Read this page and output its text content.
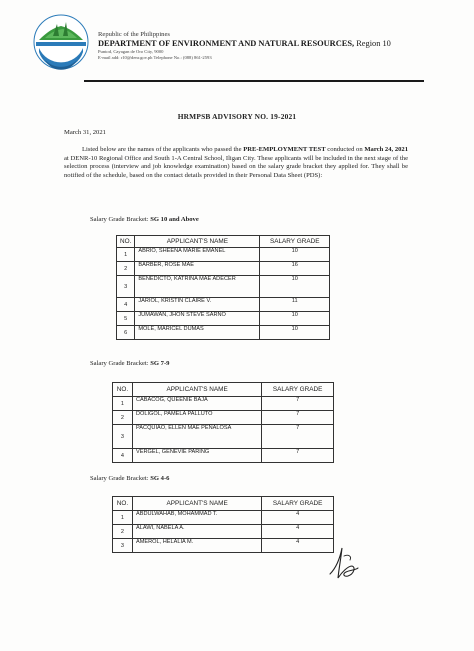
Republic of the Philippines
DEPARTMENT OF ENVIRONMENT AND NATURAL RESOURCES, Region 10
Puntod, Cayagan de Oro City, 9000
E-mail add: r10@denr.gov.ph Telephone No.: (088) 861-2593
HRMPSB ADVISORY NO. 19-2021
March 31, 2021
Listed below are the names of the applicants who passed the PRE-EMPLOYMENT TEST conducted on March 24, 2021 at DENR-10 Regional Office and South 1-A Central School, Iligan City. These applicants will be included in the next stage of the selection process (interview and job knowledge examination) based on the salary grade bracket they applied for. They shall be notified of the schedule, based on the contact details provided in their Personal Data Sheet (PDS):
Salary Grade Bracket: SG 10 and Above
NO.	APPLICANT'S NAME	SALARY GRADE
1	ABRIO, SHEENA MARIE EMANEL	10
2	BARBER, ROSE MAE	16
3	BENEDICTO, KATRINA MAE ADECER	10
4	JARIOL, KRISTIN CLAIRE V.	11
5	JUMAWAN, JHON STEVE SARNO	10
6	MOLE, MARICEL DUMAS	10
Salary Grade Bracket: SG 7-9
NO.	APPLICANT'S NAME	SALARY GRADE
1	CABACOG, QUEENIE BAJA	7
2	DOLIGOL, PAMELA PALLUTO	7
3	PACQUIAO, ELLEN MAE PEÑALOSA	7
4	VERGEL, GENEVIE PARING	7
Salary Grade Bracket: SG 4-6
NO.	APPLICANT'S NAME	SALARY GRADE
1	ABDULWAHAB, MOHAMMAD T.	4
2	ALAWI, NABELA A.	4
3	AMEROL, HELALIA M.	4
